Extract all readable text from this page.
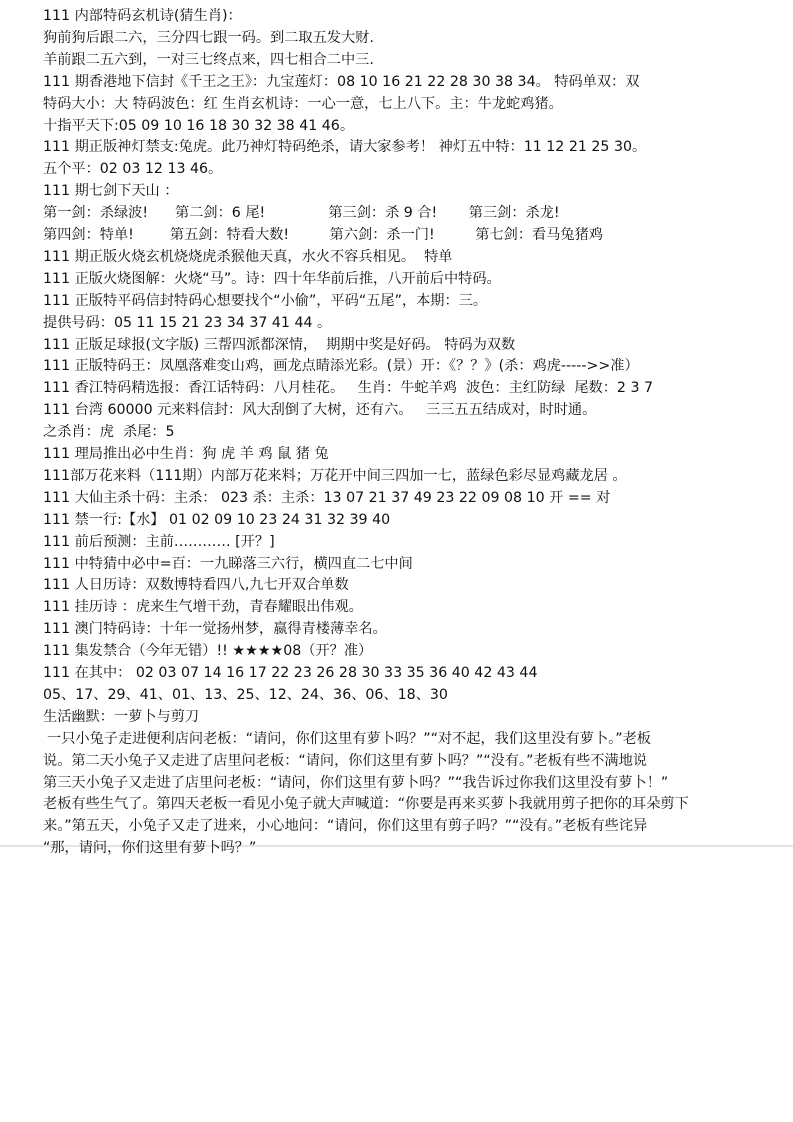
111 内部特码玄机诗(猜生肖)：
狗前狗后跟二六，三分四七跟一码。到二取五发大财.
羊前跟二五六到，一对三七终点来，四七相合二中三.
111 期香港地下信封《千王之王》：九宝莲灯：08 10 16 21 22 28 30 38 34。 特码单双：双
特码大小：大 特码波色：红 生肖玄机诗：一心一意，七上八下。主：牛龙蛇鸡猪。
十指平天下:05 09 10 16 18 30 32 38 41 46。
111 期正版神灯禁支:兔虎。此乃神灯特码绝杀，请大家参考！ 神灯五中特：11 12 21 25 30。
五个平：02 03 12 13 46。
111 期七剑下天山 ：
第一剑：杀绿波!      第二剑：6 尾!              第三剑：杀 9 合!       第三剑：杀龙!
第四剑：特单!        第五剑：特看大数!         第六剑：杀一门!         第七剑：看马兔猪鸡
111 期正版火烧玄机烧烧虎杀猴他天真，水火不容兵相见。  特单
111 正版火烧图解：火烧“马”。诗：四十年华前后推，八开前后中特码。
111 正版特平码信封特码心想要找个“小偷”，平码“五尾”，本期：三。
提供号码：05 11 15 21 23 34 37 41 44 。
111 正版足球报(文字版) 三帮四派都深情，  期期中奖是好码。 特码为双数
111 正版特码王：凤凰落难变山鸡，画龙点睛添光彩。(景）开：《？？》(杀：鸡虎----->>准）
111 香江特码精选报：香江话特码：八月桂花。   生肖：牛蛇羊鸡  波色：主红防绿  尾数：2 3 7
111 台湾 60000 元来料信封：风大刮倒了大树，还有六。   三三五五结成对，时时通。
之杀肖：虎  杀尾：5
111 理局推出必中生肖：狗 虎 羊 鸡 鼠 猪 兔
111部万花来料（111期）内部万花来料；万花开中间三四加一七，蓝绿色彩尽显鸡藏龙居 。
111 大仙主杀十码：主杀： 023 杀：主杀：13 07 21 37 49 23 22 09 08 10 开 == 对
111 禁一行:【水】 01 02 09 10 23 24 31 32 39 40
111 前后预测：主前………… [开？]
111 中特猜中必中=百：一九睇落三六行，横四直二七中间
111 人日历诗：双数博特看四八,九七开双合单数
111 挂历诗 ：虎来生气增干劲，青春耀眼出伟观。
111 澳门特码诗：十年一觉扬州梦，嬴得青楼薄幸名。
111 集发禁合（今年无错）!! ★★★★08（开？准）
111 在其中： 02 03 07 14 16 17 22 23 26 28 30 33 35 36 40 42 43 44
05、17、29、41、01、13、25、12、24、36、06、18、30
生活幽默：一萝卜与剪刀
一只小兔子走进便利店问老板：“请问，你们这里有萝卜吗？”“对不起，我们这里没有萝卜。”老板
说。第二天小兔子又走进了店里问老板：“请问，你们这里有萝卜吗？”“没有。”老板有些不满地说
第三天小兔子又走进了店里问老板：“请问，你们这里有萝卜吗？”“我告诉过你我们这里没有萝卜！”
老板有些生气了。第四天老板一看见小兔子就大声喊道：“你要是再来买萝卜我就用剪子把你的耳朵剪下
来。”第五天，小兔子又走了进来，小心地问：“请问，你们这里有剪子吗？”“没有。”老板有些诧异
“那，请问，你们这里有萝卜吗？”
